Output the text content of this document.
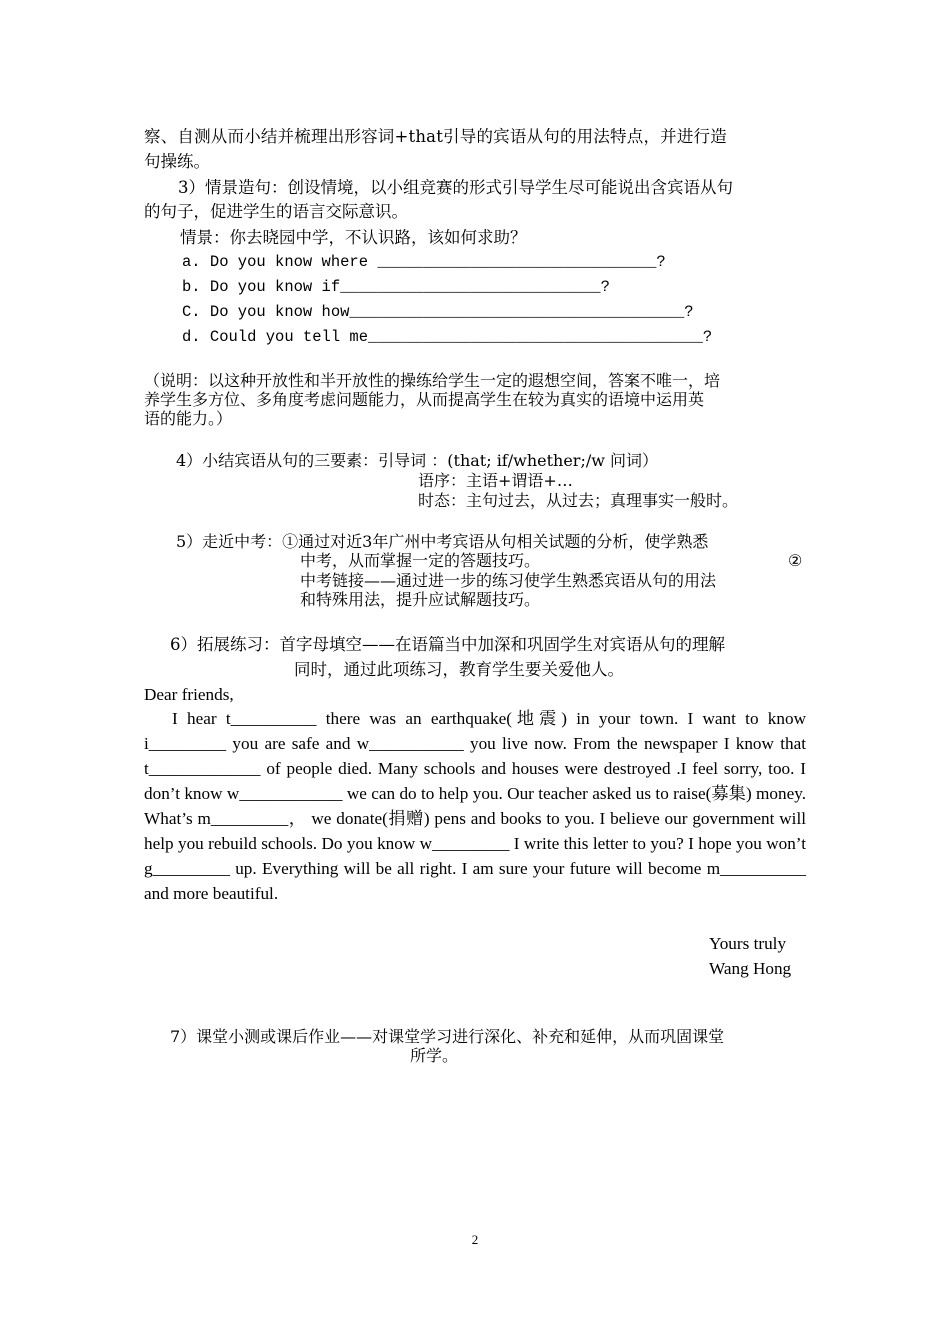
察、自测从而小结并梳理出形容词+that引导的宾语从句的用法特点，并进行造
句操练。
3）情景造句：创设情境，以小组竞赛的形式引导学生尽可能说出含宾语从句
的句子，促进学生的语言交际意识。
情景：你去晓园中学，不认识路，该如何求助？
a. Do you know where ______________________________?
b. Do you know if____________________________?
C. Do you know how____________________________________?
d. Could you tell me____________________________________?
（说明：以这种开放性和半开放性的操练给学生一定的遐想空间，答案不唯一，培
养学生多方位、多角度考虑问题能力，从而提高学生在较为真实的语境中运用英
语的能力。）
4）小结宾语从句的三要素：引导词 ：(that; if/whether;/w 问词）
语序：主语+谓语+…
时态：主句过去，从过去；真理事实一般时。
5）走近中考：①通过对近3年广州中考宾语从句相关试题的分析，使学熟悉
中考，从而掌握一定的答题技巧。	②
中考链接——通过进一步的练习使学生熟悉宾语从句的用法
和特殊用法，提升应试解题技巧。
6）拓展练习：首字母填空——在语篇当中加深和巩固学生对宾语从句的理解
同时，通过此项练习，教育学生要关爱他人。
Dear friends,
I hear t__________ there was an earthquake(地震) in your town. I want to know i_________ you are safe and w___________ you live now. From the newspaper I know that t_____________ of people died. Many schools and houses were destroyed .I feel sorry, too. I don’t know w____________ we can do to help you. Our teacher asked us to raise(募集) money. What’s m_________， we donate(捐赠) pens and books to you. I believe our government will help you rebuild schools. Do you know w_________ I write this letter to you? I hope you won’t g_________ up. Everything will be all right. I am sure your future will become m__________ and more beautiful.
Yours truly
Wang Hong
7）课堂小测或课后作业——对课堂学习进行深化、补充和延伸，从而巩固课堂
所学。
2
